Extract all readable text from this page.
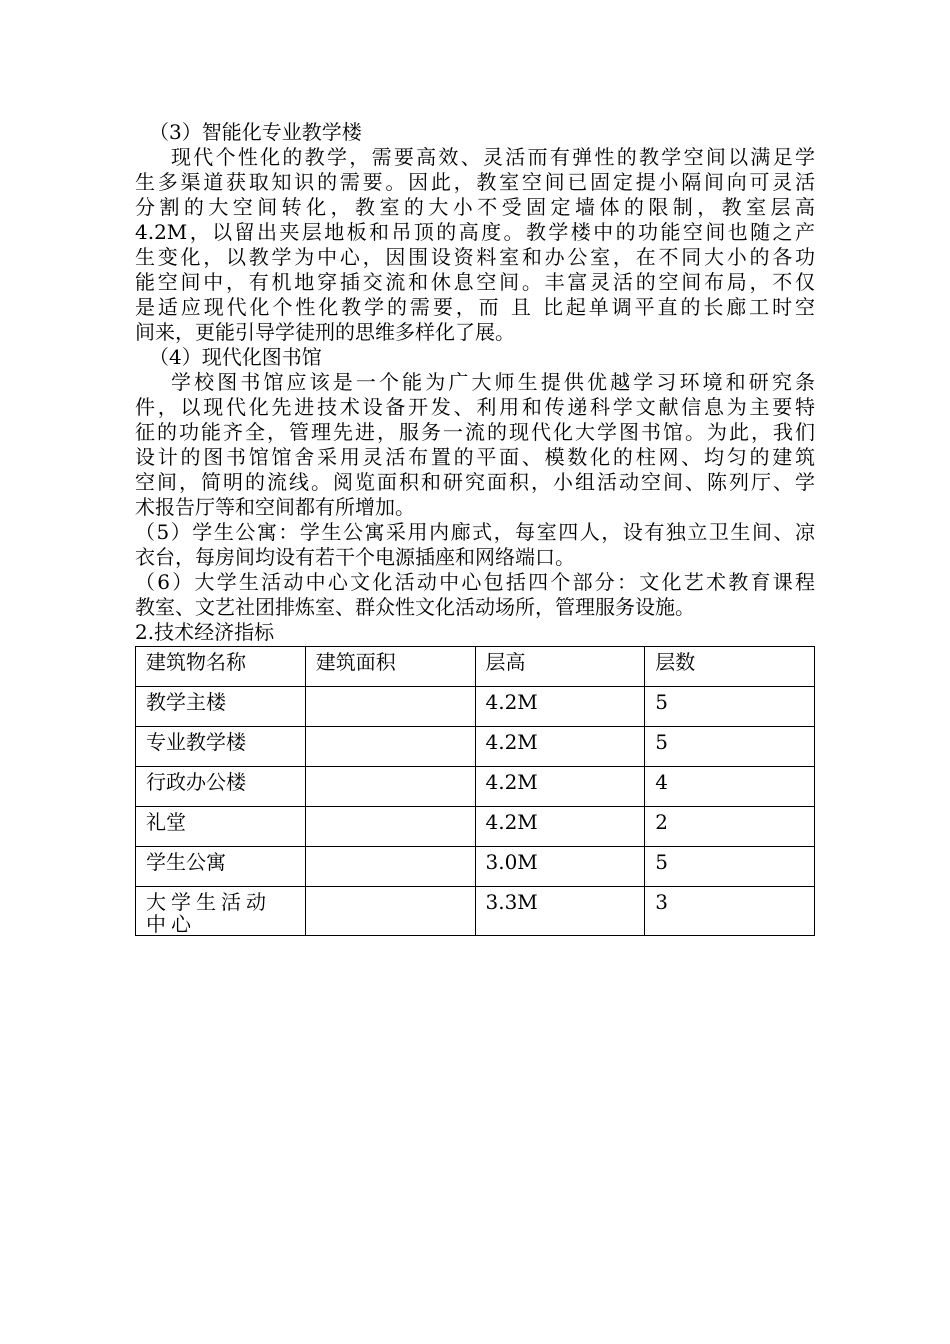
（3）智能化专业教学楼

现代个性化的教学，需要高效、灵活而有弹性的教学空间以满足学

生多渠道获取知识的需要。因此，教室空间已固定提小隔间向可灵活

分割的大空间转化，教室的大小不受固定墙体的限制，教室层高

4.2M，以留出夹层地板和吊顶的高度。教学楼中的功能空间也随之产

生变化，以教学为中心，因围设资料室和办公室，在不同大小的各功

能空间中，有机地穿插交流和休息空间。丰富灵活的空间布局，不仅

是适应现代化个性化教学的需要，而 且 比起单调平直的长廊工时空

间来，更能引导学徒刑的思维多样化了展。

（4）现代化图书馆

学校图书馆应该是一个能为广大师生提供优越学习环境和研究条

件，以现代化先进技术设备开发、利用和传递科学文献信息为主要特

征的功能齐全，管理先进，服务一流的现代化大学图书馆。为此，我们

设计的图书馆馆舍采用灵活布置的平面、模数化的柱网、均匀的建筑

空间，简明的流线。阅览面积和研究面积，小组活动空间、陈列厅、学

术报告厅等和空间都有所增加。

（5）学生公寓：学生公寓采用内廊式，每室四人，设有独立卫生间、凉

衣台，每房间均设有若干个电源插座和网络端口。

（6）大学生活动中心文化活动中心包括四个部分：文化艺术教育课程

教室、文艺社团排炼室、群众性文化活动场所，管理服务设施。

2.技术经济指标

建筑物名称	建筑面积	层高	层数
教学主楼		4.2M	5
专业教学楼		4.2M	5
行政办公楼		4.2M	4
礼堂		4.2M	2
学生公寓		3.0M	5
大学生活动中心		3.3M	3
